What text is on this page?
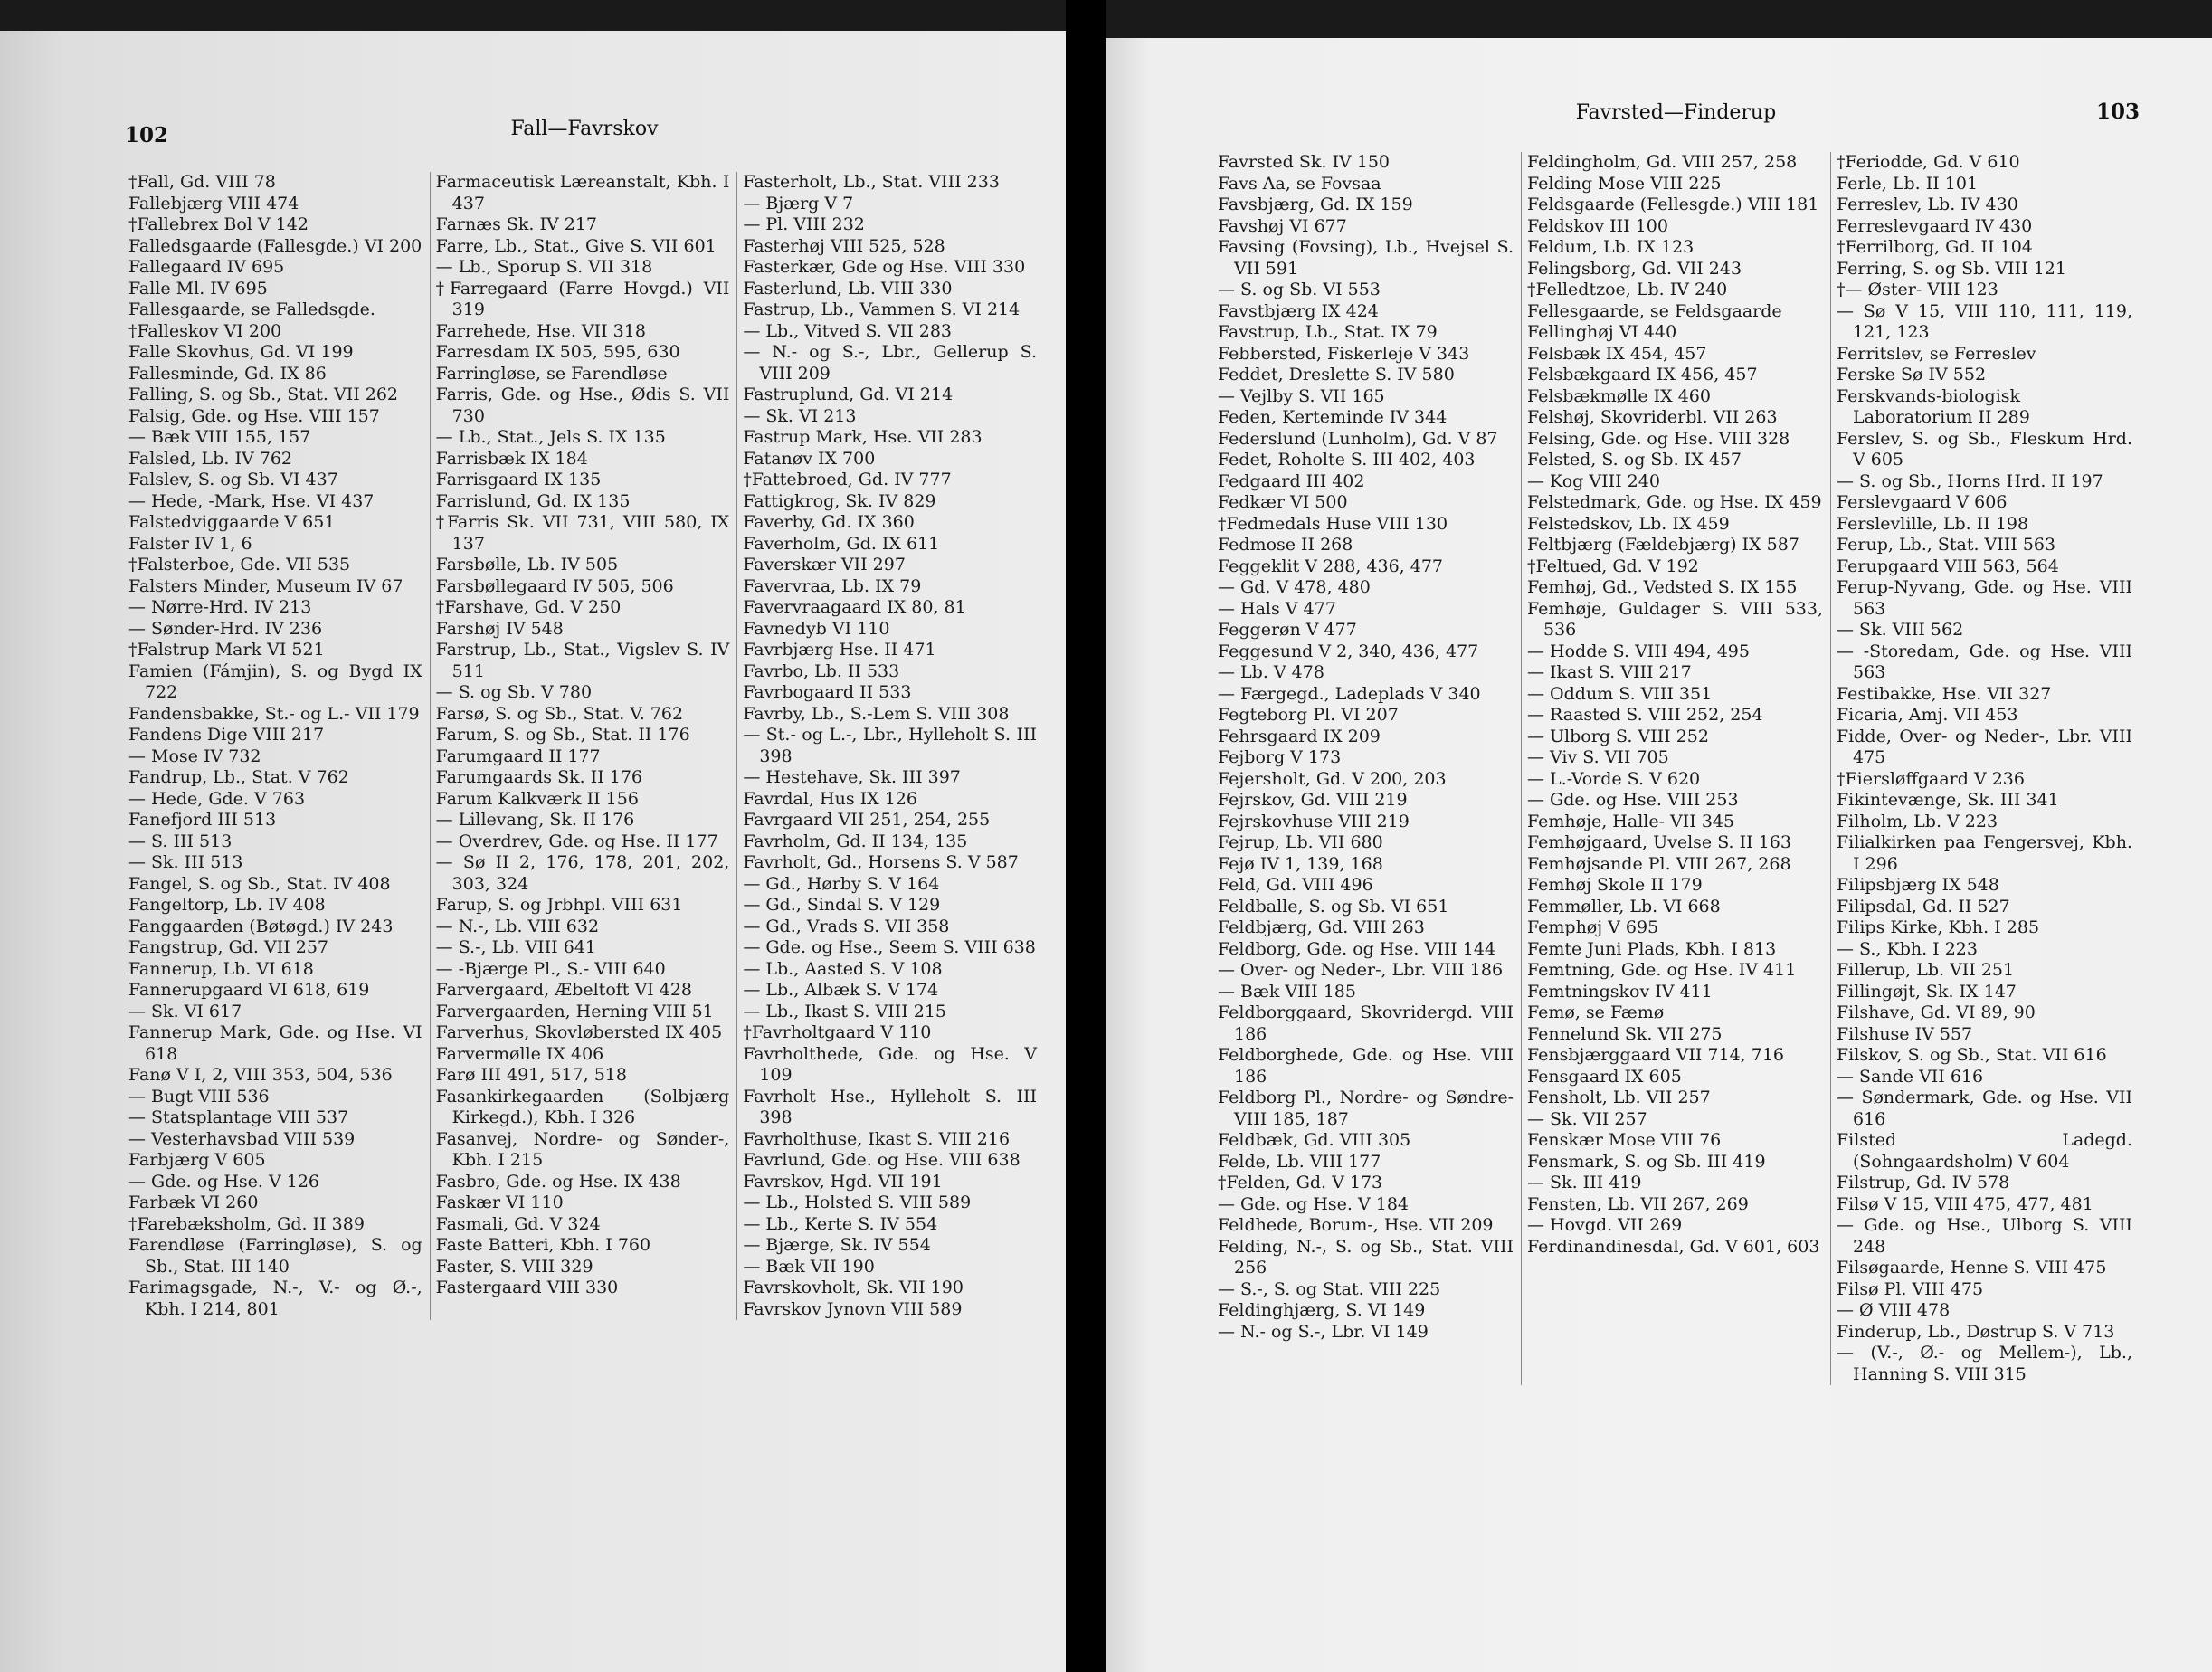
102	Fall—Favrskov
†Fall, Gd. VIII 78
Fallebjærg VIII 474
†Fallebrex Bol V 142
Falledsgaarde (Fallesgde.) VI 200
Fallegaard IV 695
Falle Ml. IV 695
Fallesgaarde, se Falledsgde.
†Falleskov VI 200
Falle Skovhus, Gd. VI 199
Fallesminde, Gd. IX 86
Falling, S. og Sb., Stat. VII 262
Falsig, Gde. og Hse. VIII 157
— Bæk VIII 155, 157
Falsled, Lb. IV 762
Falslev, S. og Sb. VI 437
— Hede, -Mark, Hse. VI 437
Falstedviggaarde V 651
Falster IV 1, 6
†Falsterboe, Gde. VII 535
Falsters Minder, Museum IV 67
— Nørre-Hrd. IV 213
— Sønder-Hrd. IV 236
†Falstrup Mark VI 521
Famien (Fámjin), S. og Bygd IX 722
Fandensbakke, St.- og L.- VII 179
Fandens Dige VIII 217
— Mose IV 732
Fandrup, Lb., Stat. V 762
— Hede, Gde. V 763
Fanefjord III 513
— S. III 513
— Sk. III 513
Fangel, S. og Sb., Stat. IV 408
Fangeltorp, Lb. IV 408
Fanggaarden (Bøtøgd.) IV 243
Fangstrup, Gd. VII 257
Fannerup, Lb. VI 618
Fannerupgaard VI 618, 619
— Sk. VI 617
Fannerup Mark, Gde. og Hse. VI 618
Fanø V I, 2, VIII 353, 504, 536
— Bugt VIII 536
— Statsplantage VIII 537
— Vesterhavsbad VIII 539
Farbjærg V 605
— Gde. og Hse. V 126
Farbæk VI 260
†Farebæksholm, Gd. II 389
Farendløse (Farringløse), S. og Sb., Stat. III 140
Farimagsgade, N.-, V.- og Ø.-, Kbh. I 214, 801
Farmaceutisk Læreanstalt, Kbh. I 437
Farnæs Sk. IV 217
Farre, Lb., Stat., Give S. VII 601
— Lb., Sporup S. VII 318
†Farregaard (Farre Hovgd.) VII 319
Farrehede, Hse. VII 318
Farresdam IX 505, 595, 630
Farringløse, se Farendløse
Farris, Gde. og Hse., Ødis S. VII 730
— Lb., Stat., Jels S. IX 135
Farrisbæk IX 184
Farrisgaard IX 135
Farrislund, Gd. IX 135
†Farris Sk. VII 731, VIII 580, IX 137
Farsbølle, Lb. IV 505
Farsbøllegaard IV 505, 506
†Farshave, Gd. V 250
Farshøj IV 548
Farstrup, Lb., Stat., Vigslev S. IV 511
— S. og Sb. V 780
Farsø, S. og Sb., Stat. V. 762
Farum, S. og Sb., Stat. II 176
Farumgaard II 177
Farumgaards Sk. II 176
Farum Kalkværk II 156
— Lillevang, Sk. II 176
— Overdrev, Gde. og Hse. II 177
— Sø II 2, 176, 178, 201, 202, 303, 324
Farup, S. og Jrbhpl. VIII 631
— N.-, Lb. VIII 632
— S.-, Lb. VIII 641
— -Bjærge Pl., S.- VIII 640
Farvergaard, Æbeltoft VI 428
Farvergaarden, Herning VIII 51
Farverhus, Skovløbersted IX 405
Farvermølle IX 406
Farø III 491, 517, 518
Fasankirkegaarden (Solbjærg Kirkegd.), Kbh. I 326
Fasanvej, Nordre- og Sønder-, Kbh. I 215
Fasbro, Gde. og Hse. IX 438
Faskær VI 110
Fasmali, Gd. V 324
Faste Batteri, Kbh. I 760
Faster, S. VIII 329
Fastergaard VIII 330
Fasterholt, Lb., Stat. VIII 233
— Bjærg V 7
— Pl. VIII 232
Fasterhøj VIII 525, 528
Fasterkær, Gde og Hse. VIII 330
Fasterlund, Lb. VIII 330
Fastrup, Lb., Vammen S. VI 214
— Lb., Vitved S. VII 283
— N.- og S.-, Lbr., Gellerup S. VIII 209
Fastruplund, Gd. VI 214
— Sk. VI 213
Fastrup Mark, Hse. VII 283
Fatanøv IX 700
†Fattebroed, Gd. IV 777
Fattigkrog, Sk. IV 829
Faverby, Gd. IX 360
Faverholm, Gd. IX 611
Faverskær VII 297
Favervraa, Lb. IX 79
Favervraagaard IX 80, 81
Favnedyb VI 110
Favrbjærg Hse. II 471
Favrbo, Lb. II 533
Favrbogaard II 533
Favrby, Lb., S.-Lem S. VIII 308
— St.- og L.-, Lbr., Hylleholt S. III 398
— Hestehave, Sk. III 397
Favrdal, Hus IX 126
Favrgaard VII 251, 254, 255
Favrholm, Gd. II 134, 135
Favrholt, Gd., Horsens S. V 587
— Gd., Hørby S. V 164
— Gd., Sindal S. V 129
— Gd., Vrads S. VII 358
— Gde. og Hse., Seem S. VIII 638
— Lb., Aasted S. V 108
— Lb., Albæk S. V 174
— Lb., Ikast S. VIII 215
†Favrholtgaard V 110
Favrholthede, Gde. og Hse. V 109
Favrholt Hse., Hylleholt S. III 398
Favrholthuse, Ikast S. VIII 216
Favrlund, Gde. og Hse. VIII 638
Favrskov, Hgd. VII 191
— Lb., Holsted S. VIII 589
— Lb., Kerte S. IV 554
— Bjærge, Sk. IV 554
— Bæk VII 190
Favrskovholt, Sk. VII 190
Favrskov Jynovn VIII 589
Favrsted—Finderup	103
Favrsted Sk. IV 150
Favs Aa, se Fovsaa
Favsbjærg, Gd. IX 159
Favshøj VI 677
Favsing (Fovsing), Lb., Hvejsel S. VII 591
— S. og Sb. VI 553
Favstbjærg IX 424
Favstrup, Lb., Stat. IX 79
Febbersted, Fiskerleje V 343
Feddet, Dreslette S. IV 580
— Vejlby S. VII 165
Feden, Kerteminde IV 344
Federslund (Lunholm), Gd. V 87
Fedet, Roholte S. III 402, 403
Fedgaard III 402
Fedkær VI 500
†Fedmedals Huse VIII 130
Fedmose II 268
Feggeklit V 288, 436, 477
— Gd. V 478, 480
— Hals V 477
Feggerøn V 477
Feggesund V 2, 340, 436, 477
— Lb. V 478
— Færgegd., Ladeplads V 340
Fegteborg Pl. VI 207
Fehrsgaard IX 209
Fejborg V 173
Fejersholt, Gd. V 200, 203
Fejrskov, Gd. VIII 219
Fejrskovhuse VIII 219
Fejrup, Lb. VII 680
Fejø IV 1, 139, 168
Feld, Gd. VIII 496
Feldballe, S. og Sb. VI 651
Feldbjærg, Gd. VIII 263
Feldborg, Gde. og Hse. VIII 144
— Over- og Neder-, Lbr. VIII 186
— Bæk VIII 185
Feldborggaard, Skovridergd. VIII 186
Feldborghede, Gde. og Hse. VIII 186
Feldborg Pl., Nordre- og Søndre- VIII 185, 187
Feldbæk, Gd. VIII 305
Felde, Lb. VIII 177
†Felden, Gd. V 173
— Gde. og Hse. V 184
Feldhede, Borum-, Hse. VII 209
Felding, N.-, S. og Sb., Stat. VIII 256
— S.-, S. og Stat. VIII 225
Feldinghjærg, S. VI 149
— N.- og S.-, Lbr. VI 149
Feldingholm, Gd. VIII 257, 258
Felding Mose VIII 225
Feldsgaarde (Fellesgde.) VIII 181
Feldskov III 100
Feldum, Lb. IX 123
Felingsborg, Gd. VII 243
†Felledtzoe, Lb. IV 240
Fellesgaarde, se Feldsgaarde
Fellinghøj VI 440
Felsbæk IX 454, 457
Felsbækgaard IX 456, 457
Felsbækmølle IX 460
Felshøj, Skovriderbl. VII 263
Felsing, Gde. og Hse. VIII 328
Felsted, S. og Sb. IX 457
— Kog VIII 240
Felstedmark, Gde. og Hse. IX 459
Felstedskov, Lb. IX 459
Feltbjærg (Fældebjærg) IX 587
†Feltued, Gd. V 192
Femhøj, Gd., Vedsted S. IX 155
Femhøje, Guldager S. VIII 533, 536
— Hodde S. VIII 494, 495
— Ikast S. VIII 217
— Oddum S. VIII 351
— Raasted S. VIII 252, 254
— Ulborg S. VIII 252
— Viv S. VII 705
— L.-Vorde S. V 620
— Gde. og Hse. VIII 253
Femhøje, Halle- VII 345
Femhøjgaard, Uvelse S. II 163
Femhøjsande Pl. VIII 267, 268
Femhøj Skole II 179
Femmøller, Lb. VI 668
Femphøj V 695
Femte Juni Plads, Kbh. I 813
Femtning, Gde. og Hse. IV 411
Femtningskov IV 411
Femø, se Fæmø
Fennelund Sk. VII 275
Fensbjærggaard VII 714, 716
Fensgaard IX 605
Fensholt, Lb. VII 257
— Sk. VII 257
Fenskær Mose VIII 76
Fensmark, S. og Sb. III 419
— Sk. III 419
Fensten, Lb. VII 267, 269
— Hovgd. VII 269
Ferdinandinesdal, Gd. V 601, 603
†Feriodde, Gd. V 610
Ferle, Lb. II 101
Ferreslev, Lb. IV 430
Ferreslevgaard IV 430
†Ferrilborg, Gd. II 104
Ferring, S. og Sb. VIII 121
†— Øster- VIII 123
— Sø V 15, VIII 110, 111, 119, 121, 123
Ferritslev, se Ferreslev
Ferske Sø IV 552
Ferskvands-biologisk Laboratorium II 289
Ferslev, S. og Sb., Fleskum Hrd. V 605
— S. og Sb., Horns Hrd. II 197
Ferslevgaard V 606
Ferslevlille, Lb. II 198
Ferup, Lb., Stat. VIII 563
Ferupgaard VIII 563, 564
Ferup-Nyvang, Gde. og Hse. VIII 563
— Sk. VIII 562
— -Storedam, Gde. og Hse. VIII 563
Festibakke, Hse. VII 327
Ficaria, Amj. VII 453
Fidde, Over- og Neder-, Lbr. VIII 475
†Fiersløffgaard V 236
Fikintevænge, Sk. III 341
Filholm, Lb. V 223
Filialkirken paa Fengersvej, Kbh. I 296
Filipsbjærg IX 548
Filipsdal, Gd. II 527
Filips Kirke, Kbh. I 285
— S., Kbh. I 223
Fillerup, Lb. VII 251
Fillingøjt, Sk. IX 147
Filshave, Gd. VI 89, 90
Filshuse IV 557
Filskov, S. og Sb., Stat. VII 616
— Sande VII 616
— Søndermark, Gde. og Hse. VII 616
Filsted Ladegd. (Sohngaardsholm) V 604
Filstrup, Gd. IV 578
Filsø V 15, VIII 475, 477, 481
— Gde. og Hse., Ulborg S. VIII 248
Filsøgaarde, Henne S. VIII 475
Filsø Pl. VIII 475
— Ø VIII 478
Finderup, Lb., Døstrup S. V 713
— (V.-, Ø.- og Mellem-), Lb., Hanning S. VIII 315
